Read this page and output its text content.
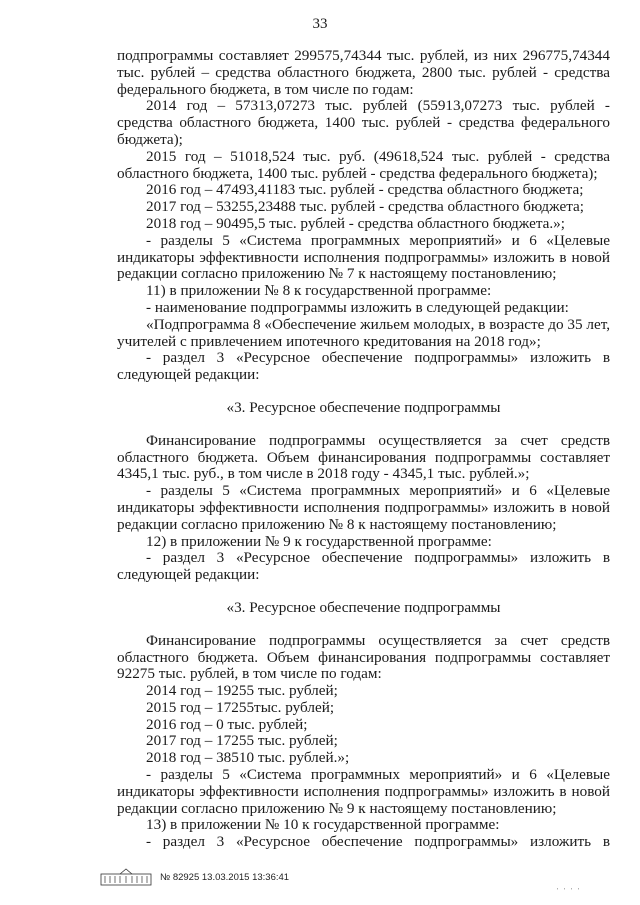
33

подпрограммы составляет 299575,74344 тыс. рублей, из них 296775,74344 тыс. рублей – средства областного бюджета, 2800 тыс. рублей - средства федерального бюджета, в том числе по годам:

2014 год – 57313,07273 тыс. рублей (55913,07273 тыс. рублей - средства областного бюджета, 1400 тыс. рублей - средства федерального бюджета);

2015 год – 51018,524 тыс. руб. (49618,524 тыс. рублей - средства областного бюджета, 1400 тыс. рублей - средства федерального бюджета);

2016 год – 47493,41183 тыс. рублей - средства областного бюджета;

2017 год – 53255,23488 тыс. рублей - средства областного бюджета;

2018 год – 90495,5 тыс. рублей - средства областного бюджета.»;

- разделы 5 «Система программных мероприятий» и 6 «Целевые индикаторы эффективности исполнения подпрограммы» изложить в новой редакции согласно приложению № 7 к настоящему постановлению;

11) в приложении № 8 к государственной программе:

- наименование подпрограммы изложить в следующей редакции:

«Подпрограмма 8 «Обеспечение жильем молодых, в возрасте до 35 лет, учителей с привлечением ипотечного кредитования на 2018 год»;

- раздел 3 «Ресурсное обеспечение подпрограммы» изложить в следующей редакции:

«3. Ресурсное обеспечение подпрограммы

Финансирование подпрограммы осуществляется за счет средств областного бюджета. Объем финансирования подпрограммы составляет 4345,1 тыс. руб., в том числе в 2018 году - 4345,1 тыс. рублей.»;

- разделы 5 «Система программных мероприятий» и 6 «Целевые индикаторы эффективности исполнения подпрограммы» изложить в новой редакции согласно приложению № 8 к настоящему постановлению;

12) в приложении № 9 к государственной программе:

- раздел 3 «Ресурсное обеспечение подпрограммы» изложить в следующей редакции:

«3. Ресурсное обеспечение подпрограммы

Финансирование подпрограммы осуществляется за счет средств областного бюджета. Объем финансирования подпрограммы составляет 92275 тыс. рублей, в том числе по годам:

2014 год – 19255 тыс. рублей;

2015 год – 17255тыс. рублей;

2016 год – 0 тыс. рублей;

2017 год – 17255 тыс. рублей;

2018 год – 38510 тыс. рублей.»;

- разделы 5 «Система программных мероприятий» и 6 «Целевые индикаторы эффективности исполнения подпрограммы» изложить в новой редакции согласно приложению № 9 к настоящему постановлению;

13) в приложении № 10 к государственной программе:

- раздел 3 «Ресурсное обеспечение подпрограммы» изложить в

№ 82925 13.03.2015 13:36:41
' ' ' '
